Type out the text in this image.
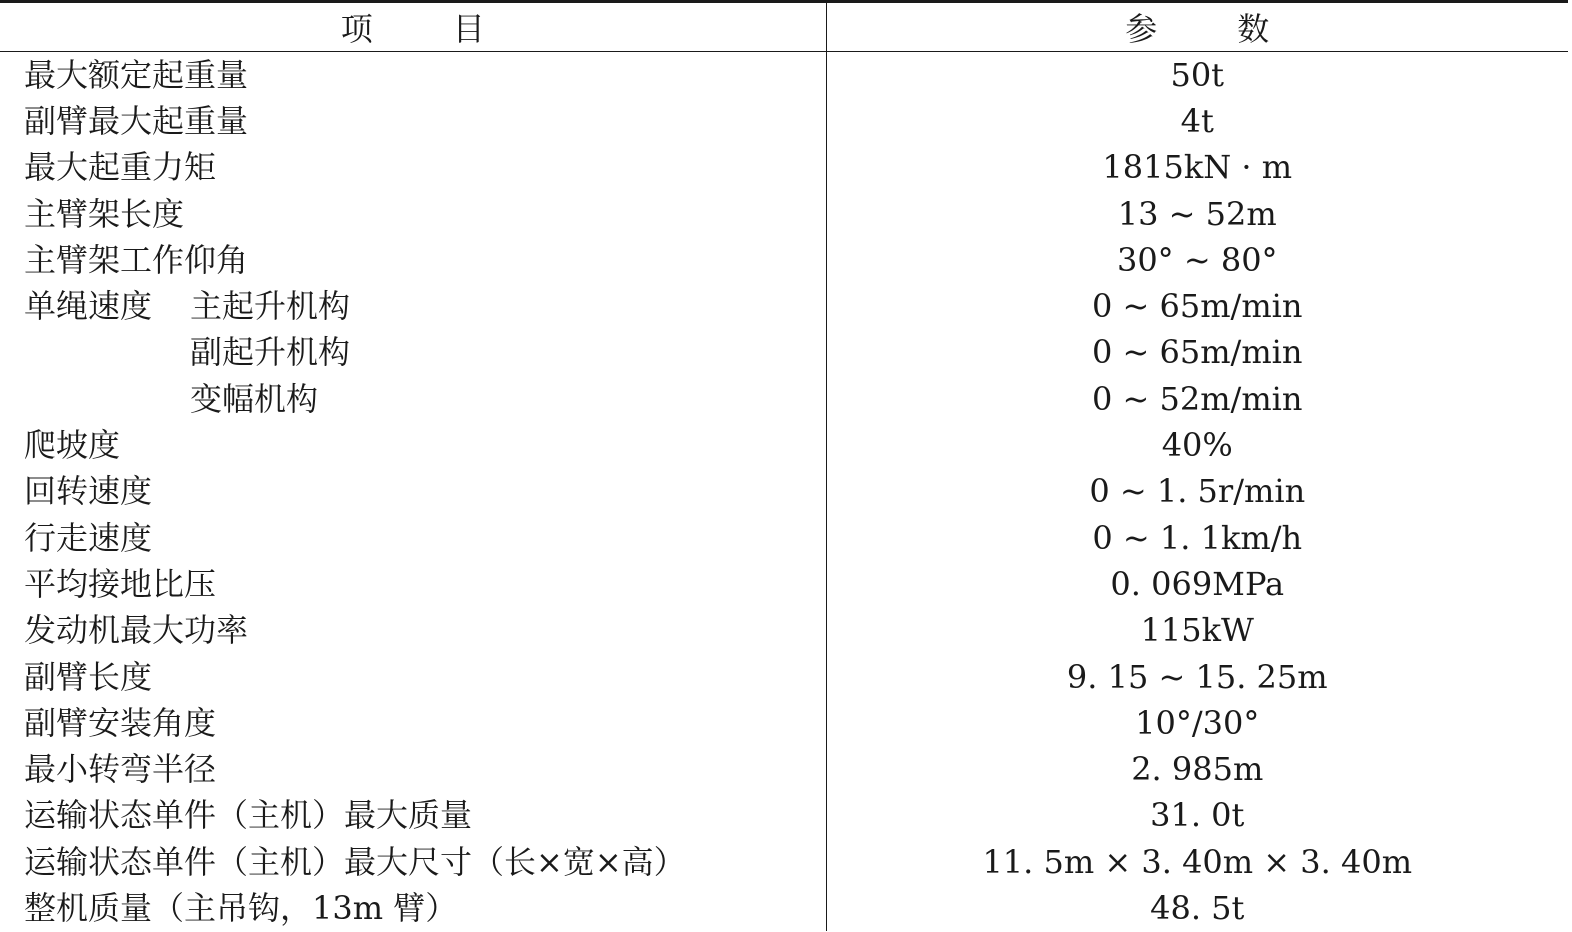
项 目	参 数
最大额定起重量	50t
副臂最大起重量	4t
最大起重力矩	1815kN · m
主臂架长度	13 ~ 52m
主臂架工作仰角	30° ~ 80°
单绳速度 主起升机构	0 ~ 65m/min
副起升机构	0 ~ 65m/min
变幅机构	0 ~ 52m/min
爬坡度	40%
回转速度	0 ~ 1. 5r/min
行走速度	0 ~ 1. 1km/h
平均接地比压	0. 069MPa
发动机最大功率	115kW
副臂长度	9. 15 ~ 15. 25m
副臂安装角度	10°/30°
最小转弯半径	2. 985m
运输状态单件（主机）最大质量	31. 0t
运输状态单件（主机）最大尺寸（长×宽×高）	11. 5m × 3. 40m × 3. 40m
整机质量（主吊钩，13m 臂）	48. 5t
